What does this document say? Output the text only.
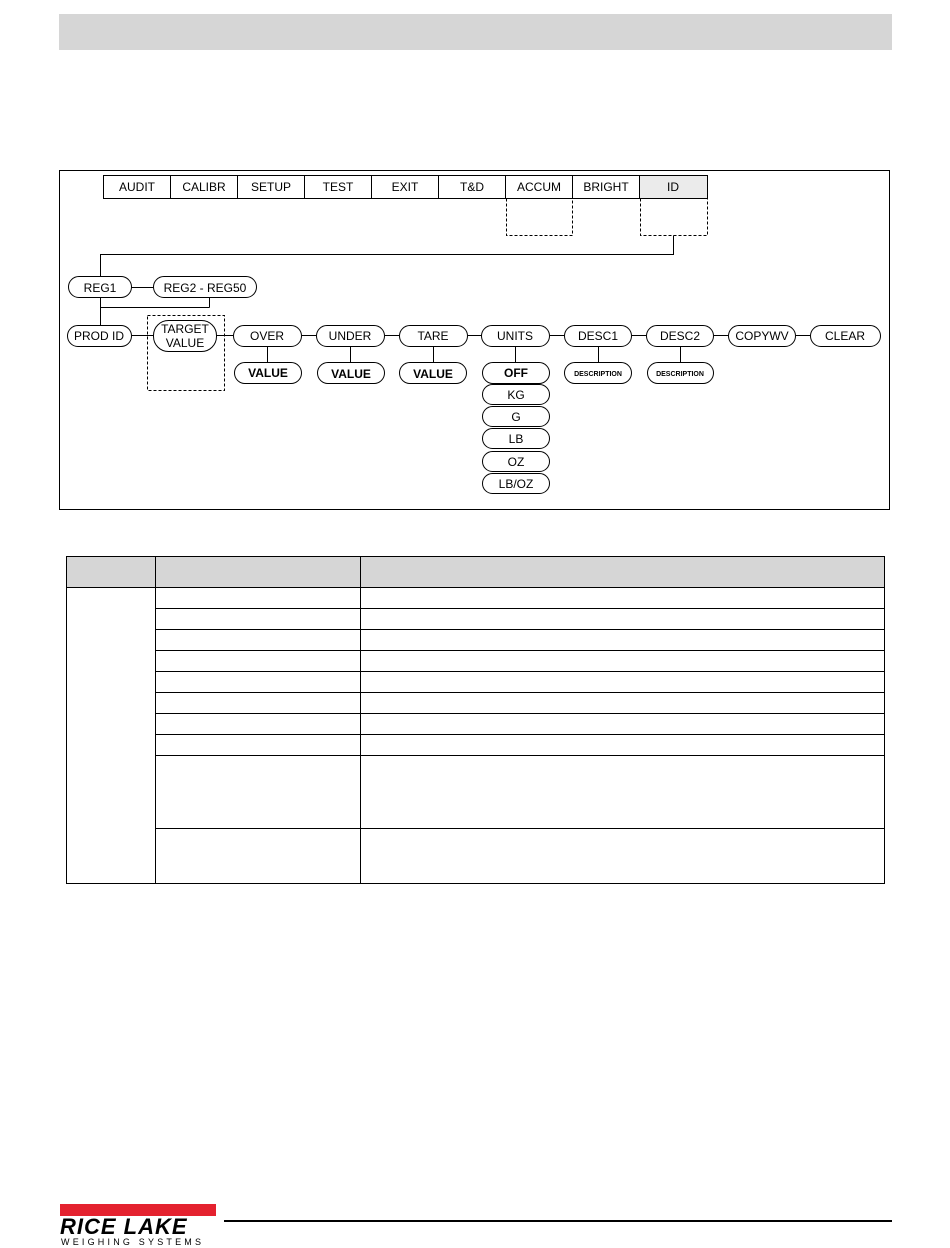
AUDIT CALIBR SETUP	TEST	EXIT	T&D	ACCUM BRIGHT	ID
REG1	REG2 - REG50
PROD ID	TARGET
VALUE	OVER	UNDER	TARE	UNITS	DESC1	DESC2	COPYWV	CLEAR
VALUE	VALUE	VALUE	OFF
KG
G
LB
OZ
LB/OZ
DESCRIPTION	DESCRIPTION

RICE LAKE
WEIGHING SYSTEMS
